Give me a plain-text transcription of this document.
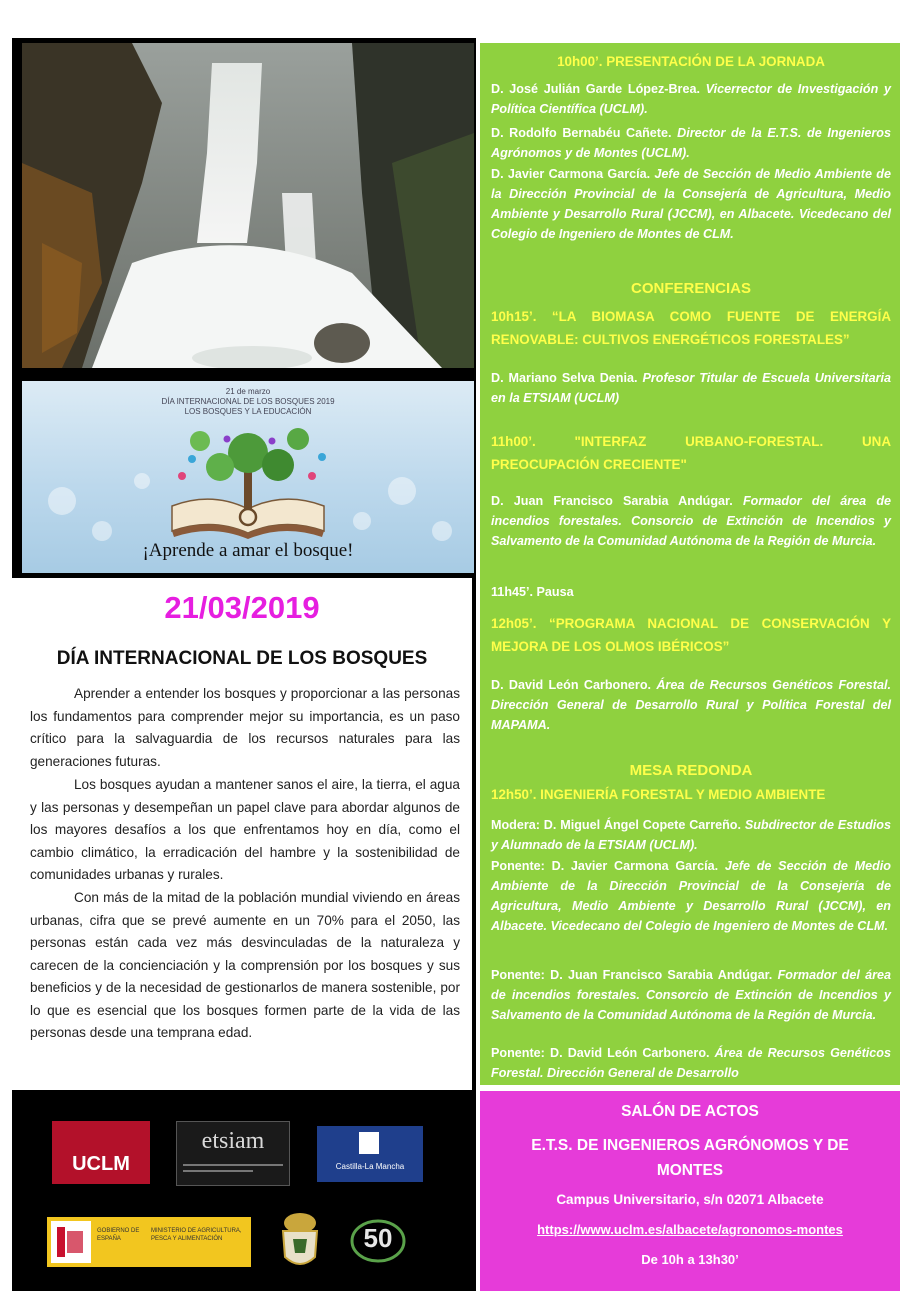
21 de marzo
DÍA INTERNACIONAL DE LOS BOSQUES 2019
LOS BOSQUES Y LA EDUCACIÓN
¡Aprende a amar el bosque!
21/03/2019
DÍA INTERNACIONAL DE LOS BOSQUES

Aprender a entender los bosques y proporcionar a las personas los fundamentos para comprender mejor su importancia, es un paso crítico para la salvaguardia de los recursos naturales para las generaciones futuras.

Los bosques ayudan a mantener sanos el aire, la tierra, el agua y las personas y desempeñan un papel clave para abordar algunos de los mayores desafíos a los que enfrentamos hoy en día, como el cambio climático, la erradicación del hambre y la sostenibilidad de comunidades urbanas y rurales.

Con más de la mitad de la población mundial viviendo en áreas urbanas, cifra que se prevé aumente en un 70% para el 2050, las personas están cada vez más desvinculadas de la naturaleza y carecen de la concienciación y la comprensión por los bosques y sus beneficios y de la necesidad de gestionarlos de manera sostenible, por lo que es esencial que los bosques formen parte de la vida de las personas desde una temprana edad.

10h00’. PRESENTACIÓN DE LA JORNADA

D. José Julián Garde López-Brea. Vicerrector de Investigación y Política Científica (UCLM).

D. Rodolfo Bernabéu Cañete. Director de la E.T.S. de Ingenieros Agrónomos y de Montes (UCLM).

D. Javier Carmona García. Jefe de Sección de Medio Ambiente de la Dirección Provincial de la Consejería de Agricultura, Medio Ambiente y Desarrollo Rural (JCCM), en Albacete. Vicedecano del Colegio de Ingeniero de Montes de CLM.

CONFERENCIAS

10h15’. “LA BIOMASA COMO FUENTE DE ENERGÍA RENOVABLE: CULTIVOS ENERGÉTICOS FORESTALES”

D. Mariano Selva Denia. Profesor Titular de Escuela Universitaria en la ETSIAM (UCLM)

11h00’. "INTERFAZ URBANO-FORESTAL. UNA PREOCUPACIÓN CRECIENTE"

D. Juan Francisco Sarabia Andúgar. Formador del área de incendios forestales. Consorcio de Extinción de Incendios y Salvamento de la Comunidad Autónoma de la Región de Murcia.

11h45’. Pausa

12h05’. “PROGRAMA NACIONAL DE CONSERVACIÓN Y MEJORA DE LOS OLMOS IBÉRICOS”

D. David León Carbonero. Área de Recursos Genéticos Forestal. Dirección General de Desarrollo Rural y Política Forestal del MAPAMA.

MESA REDONDA
12h50’. INGENIERÍA FORESTAL Y MEDIO AMBIENTE

Modera: D. Miguel Ángel Copete Carreño. Subdirector de Estudios y Alumnado de la ETSIAM (UCLM).

Ponente: D. Javier Carmona García. Jefe de Sección de Medio Ambiente de la Dirección Provincial de la Consejería de Agricultura, Medio Ambiente y Desarrollo Rural (JCCM), en Albacete. Vicedecano del Colegio de Ingeniero de Montes de CLM.

Ponente: D. Juan Francisco Sarabia Andúgar. Formador del área de incendios forestales. Consorcio de Extinción de Incendios y Salvamento de la Comunidad Autónoma de la Región de Murcia.

Ponente: D. David León Carbonero. Área de Recursos Genéticos Forestal. Dirección General de Desarrollo

UCLM
etsiam
Castilla-La Mancha
GOBIERNO DE ESPAÑA
MINISTERIO DE AGRICULTURA, PESCA Y ALIMENTACIÓN	50

SALÓN DE ACTOS

E.T.S. DE INGENIEROS AGRÓNOMOS Y DE MONTES

Campus Universitario, s/n 02071 Albacete

https://www.uclm.es/albacete/agronomos-montes

De 10h a 13h30’
